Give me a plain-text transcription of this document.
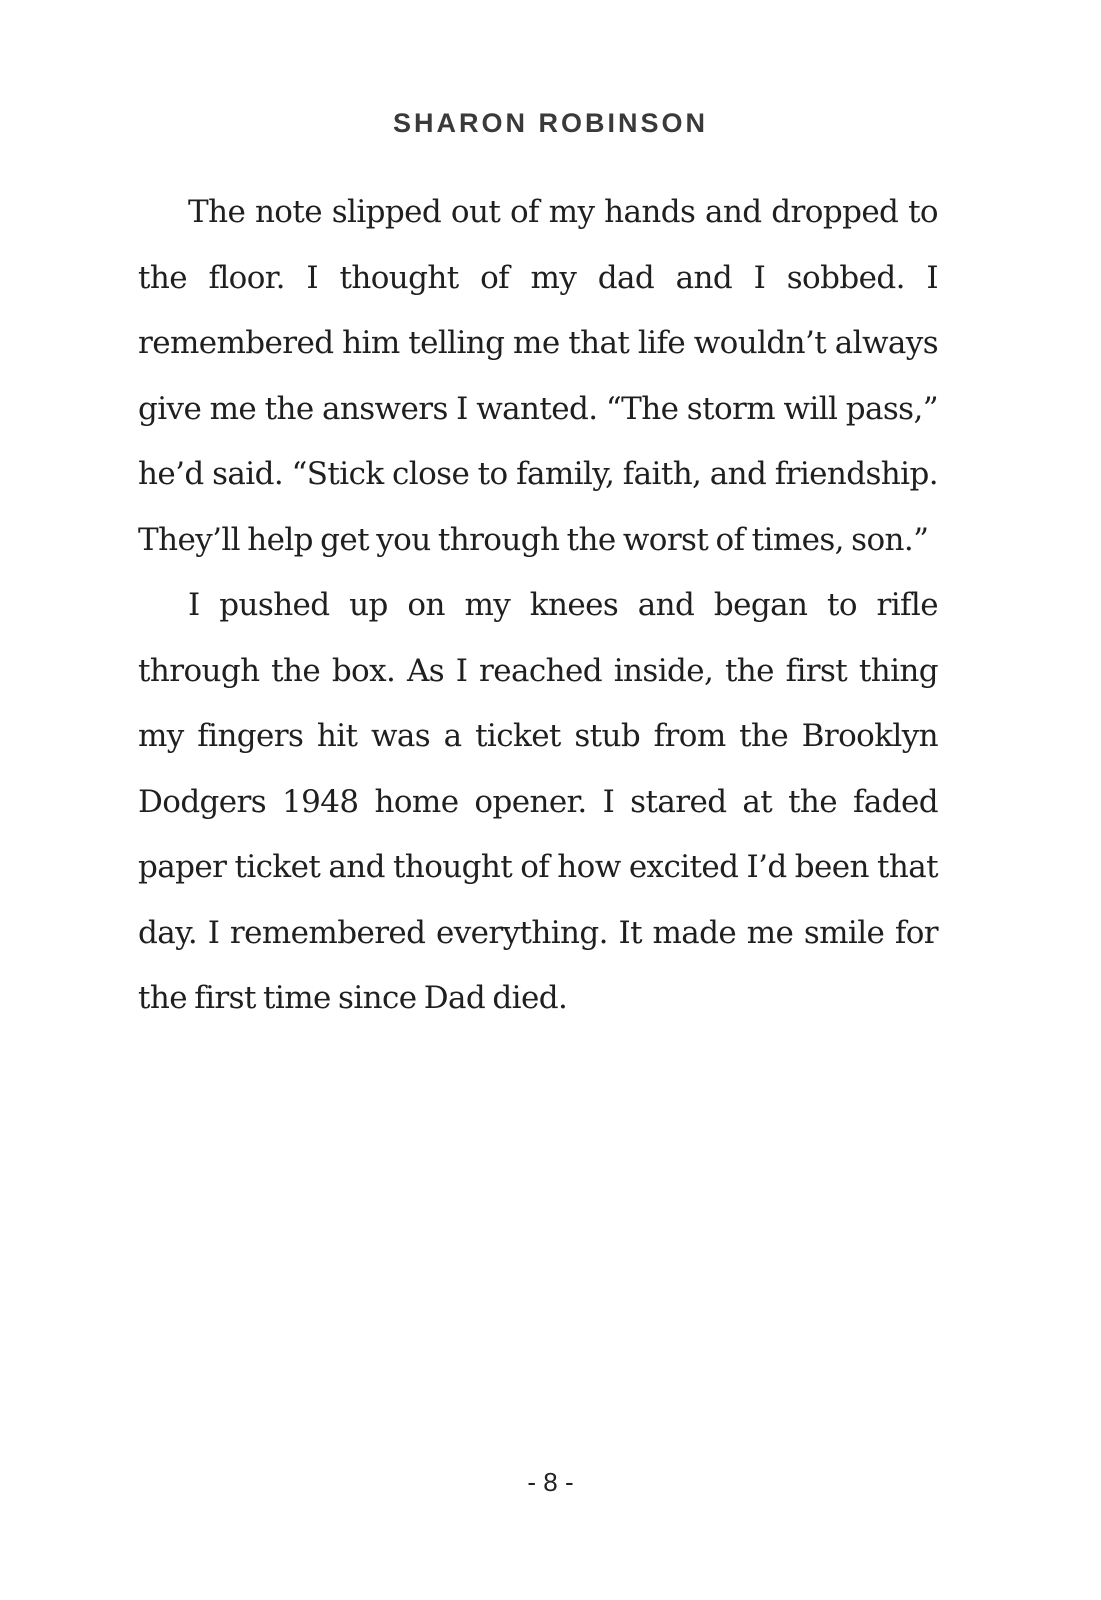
SHARON ROBINSON

The note slipped out of my hands and dropped to the floor. I thought of my dad and I sobbed. I remembered him telling me that life wouldn’t always give me the answers I wanted. “The storm will pass,” he’d said. “Stick close to family, faith, and friendship. They’ll help get you through the worst of times, son.”

I pushed up on my knees and began to rifle through the box. As I reached inside, the first thing my fingers hit was a ticket stub from the Brooklyn Dodgers 1948 home opener. I stared at the faded paper ticket and thought of how excited I’d been that day. I remembered everything. It made me smile for the first time since Dad died.

- 8 -
